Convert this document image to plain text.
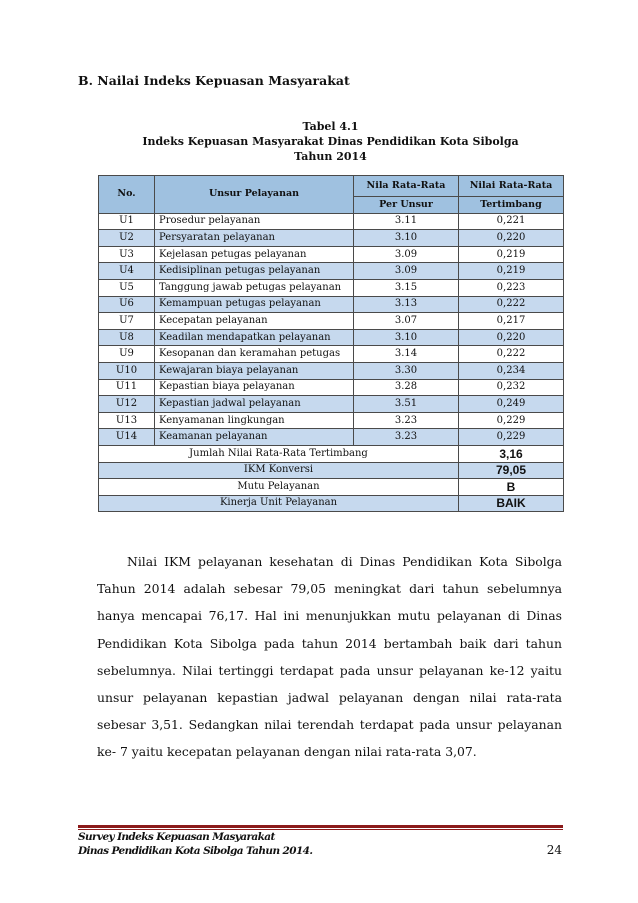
B. Nailai Indeks Kepuasan Masyarakat
Tabel 4.1
Indeks Kepuasan Masyarakat Dinas Pendidikan Kota Sibolga
Tahun 2014
No.	Unsur Pelayanan	Nila Rata-Rata	Nilai Rata-Rata
		Per Unsur	Tertimbang
U1	Prosedur pelayanan	3.11	0,221
U2	Persyaratan pelayanan	3.10	0,220
U3	Kejelasan petugas pelayanan	3.09	0,219
U4	Kedisiplinan petugas pelayanan	3.09	0,219
U5	Tanggung jawab petugas pelayanan	3.15	0,223
U6	Kemampuan petugas pelayanan	3.13	0,222
U7	Kecepatan pelayanan	3.07	0,217
U8	Keadilan mendapatkan pelayanan	3.10	0,220
U9	Kesopanan dan keramahan petugas	3.14	0,222
U10	Kewajaran biaya pelayanan	3.30	0,234
U11	Kepastian biaya pelayanan	3.28	0,232
U12	Kepastian jadwal pelayanan	3.51	0,249
U13	Kenyamanan lingkungan	3.23	0,229
U14	Keamanan pelayanan	3.23	0,229
Jumlah Nilai Rata-Rata Tertimbang			3,16
IKM Konversi			79,05
Mutu Pelayanan			B
Kinerja Unit Pelayanan			BAIK

Nilai IKM pelayanan kesehatan di Dinas Pendidikan Kota Sibolga Tahun 2014 adalah sebesar 79,05 meningkat dari tahun sebelumnya hanya mencapai 76,17. Hal ini menunjukkan mutu pelayanan di Dinas Pendidikan Kota Sibolga pada tahun 2014 bertambah baik dari tahun sebelumnya. Nilai tertinggi terdapat pada unsur pelayanan ke-12 yaitu unsur pelayanan kepastian jadwal pelayanan dengan nilai rata-rata sebesar 3,51. Sedangkan nilai terendah terdapat pada unsur pelayanan ke- 7 yaitu kecepatan pelayanan dengan nilai rata-rata 3,07.

Survey Indeks Kepuasan Masyarakat
Dinas Pendidikan Kota Sibolga Tahun 2014.	24
